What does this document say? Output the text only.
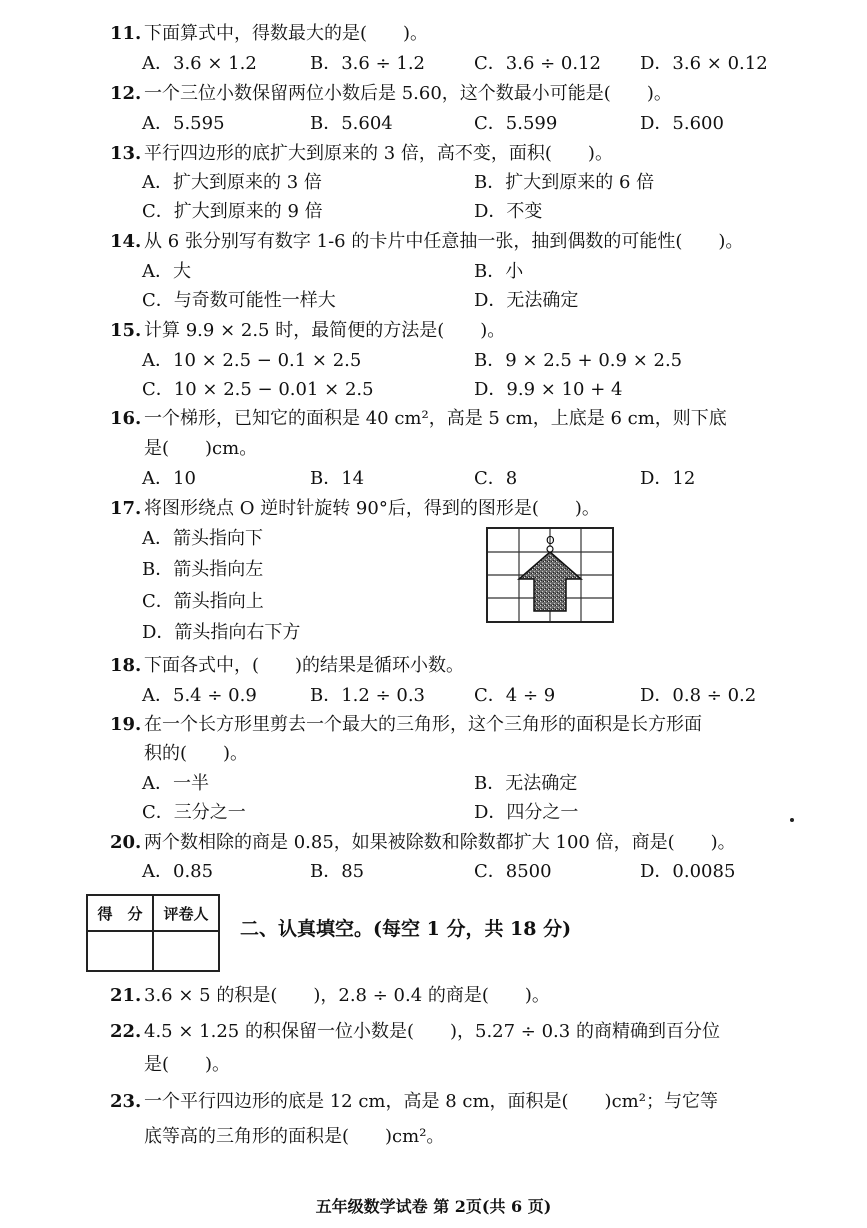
11. 下面算式中，得数最大的是(　　)。
A．3.6 × 1.2	B．3.6 ÷ 1.2	C．3.6 ÷ 0.12 D．3.6 × 0.12
12. 一个三位小数保留两位小数后是 5.60，这个数最小可能是(　　)。
A．5.595	B．5.604	C．5.599	D．5.600
13. 平行四边形的底扩大到原来的 3 倍，高不变，面积(　　)。
A．扩大到原来的 3 倍	B．扩大到原来的 6 倍
C．扩大到原来的 9 倍	D．不变
14. 从 6 张分别写有数字 1-6 的卡片中任意抽一张，抽到偶数的可能性(　　)。
A．大	B．小
C．与奇数可能性一样大	D．无法确定
15. 计算 9.9 × 2.5 时，最简便的方法是(　　)。
A．10 × 2.5 − 0.1 × 2.5	B．9 × 2.5 + 0.9 × 2.5
C．10 × 2.5 − 0.01 × 2.5	D．9.9 × 10 + 4
16. 一个梯形，已知它的面积是 40 cm²，高是 5 cm，上底是 6 cm，则下底
是(　　)cm。
A．10	B．14	C．8	D．12
17. 将图形绕点 O 逆时针旋转 90°后，得到的图形是(　　)。
A．箭头指向下
B．箭头指向左
C．箭头指向上
D．箭头指向右下方
O
18. 下面各式中，(　　)的结果是循环小数。
A．5.4 ÷ 0.9	B．1.2 ÷ 0.3	C．4 ÷ 9	D．0.8 ÷ 0.2
19. 在一个长方形里剪去一个最大的三角形，这个三角形的面积是长方形面
积的(　　)。
A．一半	B．无法确定
C．三分之一	D．四分之一
20. 两个数相除的商是 0.85，如果被除数和除数都扩大 100 倍，商是(　　)。
A．0.85	B．85	C．8500	D．0.0085
得　分	评卷人

二、认真填空。(每空 1 分，共 18 分)
21. 3.6 × 5 的积是(　　)，2.8 ÷ 0.4 的商是(　　)。
22. 4.5 × 1.25 的积保留一位小数是(　　)，5.27 ÷ 0.3 的商精确到百分位
是(　　)。
23. 一个平行四边形的底是 12 cm，高是 8 cm，面积是(　　)cm²；与它等
底等高的三角形的面积是(　　)cm²。
五年级数学试卷 第 2页(共 6 页)
